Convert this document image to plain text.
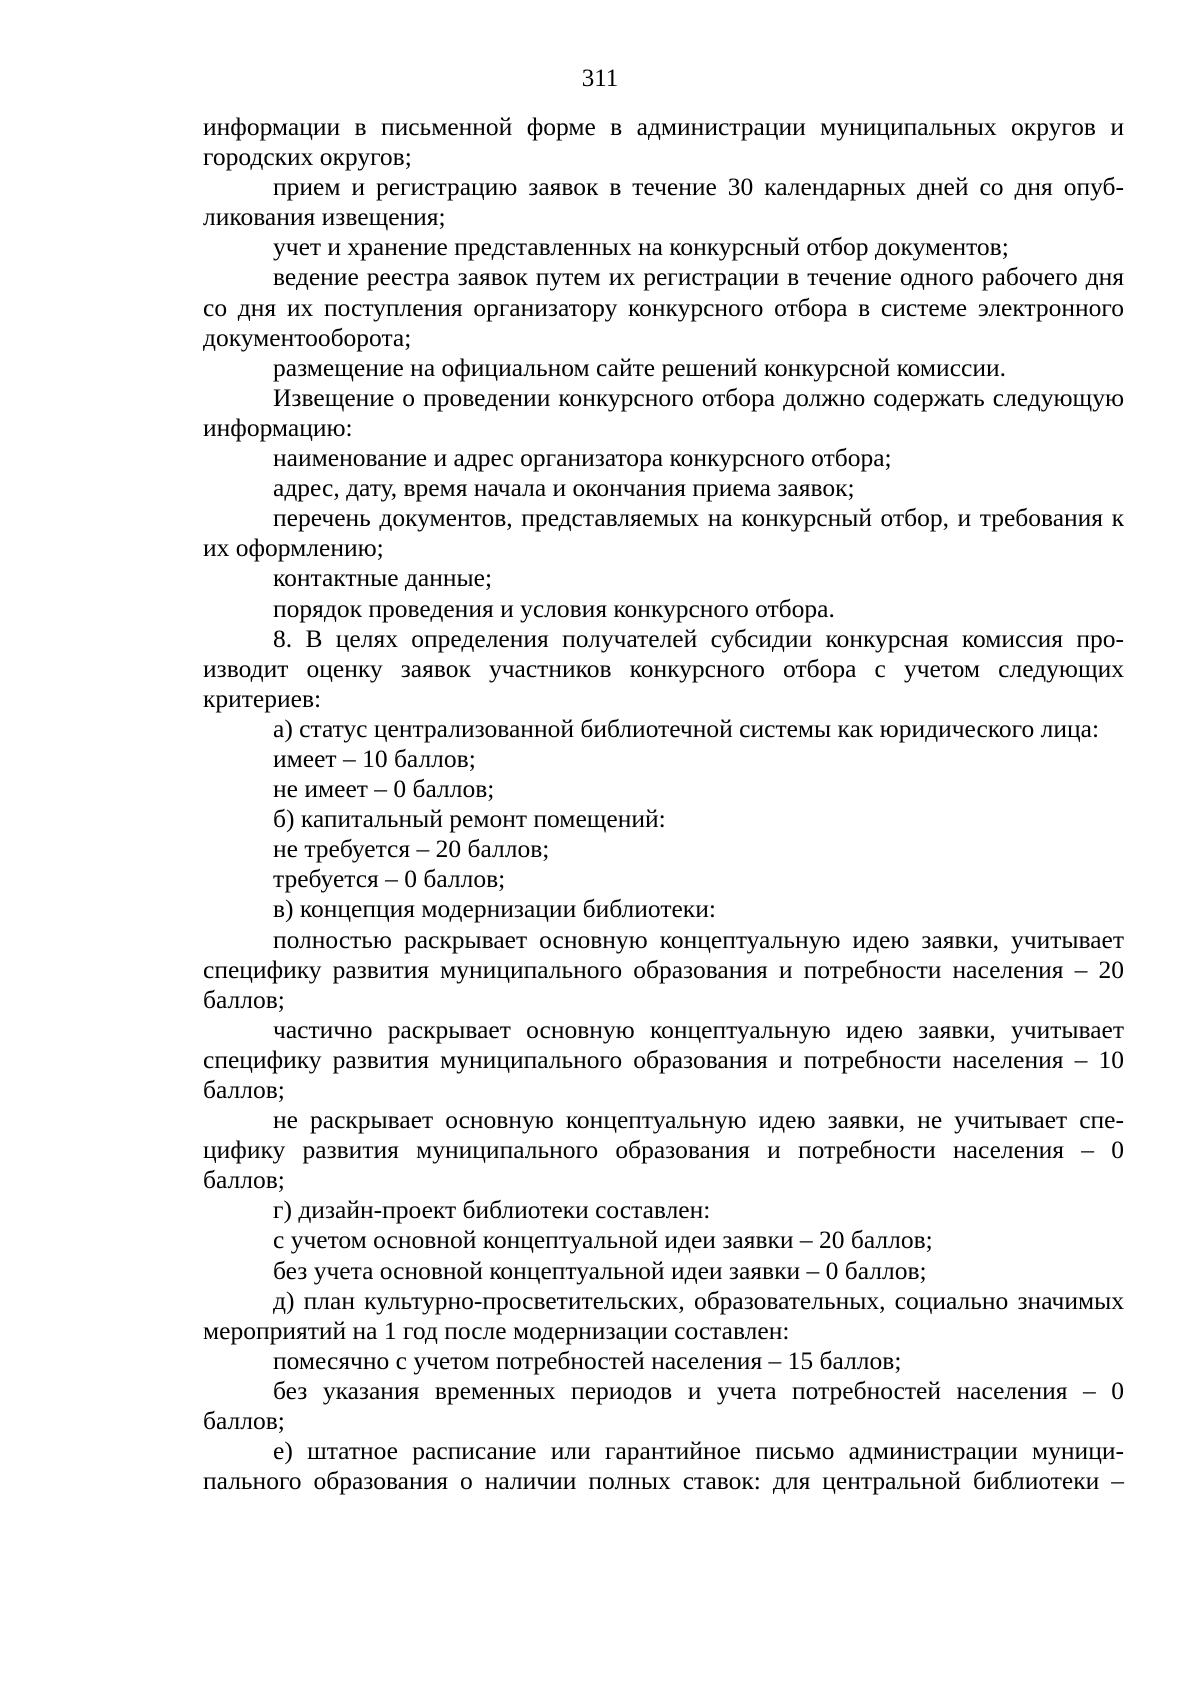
311

информации в письменной форме в администрации муниципальных округов и городских округов;

прием и регистрацию заявок в течение 30 календарных дней со дня опубликования извещения;

учет и хранение представленных на конкурсный отбор документов;

ведение реестра заявок путем их регистрации в течение одного рабочего дня со дня их поступления организатору конкурсного отбора в системе электронного документооборота;

размещение на официальном сайте решений конкурсной комиссии.

Извещение о проведении конкурсного отбора должно содержать следующую информацию:

наименование и адрес организатора конкурсного отбора;

адрес, дату, время начала и окончания приема заявок;

перечень документов, представляемых на конкурсный отбор, и требования к их оформлению;

контактные данные;

порядок проведения и условия конкурсного отбора.

8. В целях определения получателей субсидии конкурсная комиссия производит оценку заявок участников конкурсного отбора с учетом следующих критериев:

а) статус централизованной библиотечной системы как юридического лица:

имеет – 10 баллов;

не имеет – 0 баллов;

б) капитальный ремонт помещений:

не требуется – 20 баллов;

требуется – 0 баллов;

в) концепция модернизации библиотеки:

полностью раскрывает основную концептуальную идею заявки, учитывает специфику развития муниципального образования и потребности населения – 20 баллов;

частично раскрывает основную концептуальную идею заявки, учитывает специфику развития муниципального образования и потребности населения – 10 баллов;

не раскрывает основную концептуальную идею заявки, не учитывает специфику развития муниципального образования и потребности населения – 0 баллов;

г) дизайн-проект библиотеки составлен:

с учетом основной концептуальной идеи заявки – 20 баллов;

без учета основной концептуальной идеи заявки – 0 баллов;

д) план культурно-просветительских, образовательных, социально значимых мероприятий на 1 год после модернизации составлен:

помесячно с учетом потребностей населения – 15 баллов;

без указания временных периодов и учета потребностей населения – 0 баллов;

е) штатное расписание или гарантийное письмо администрации муниципального образования о наличии полных ставок: для центральной библиотеки –
